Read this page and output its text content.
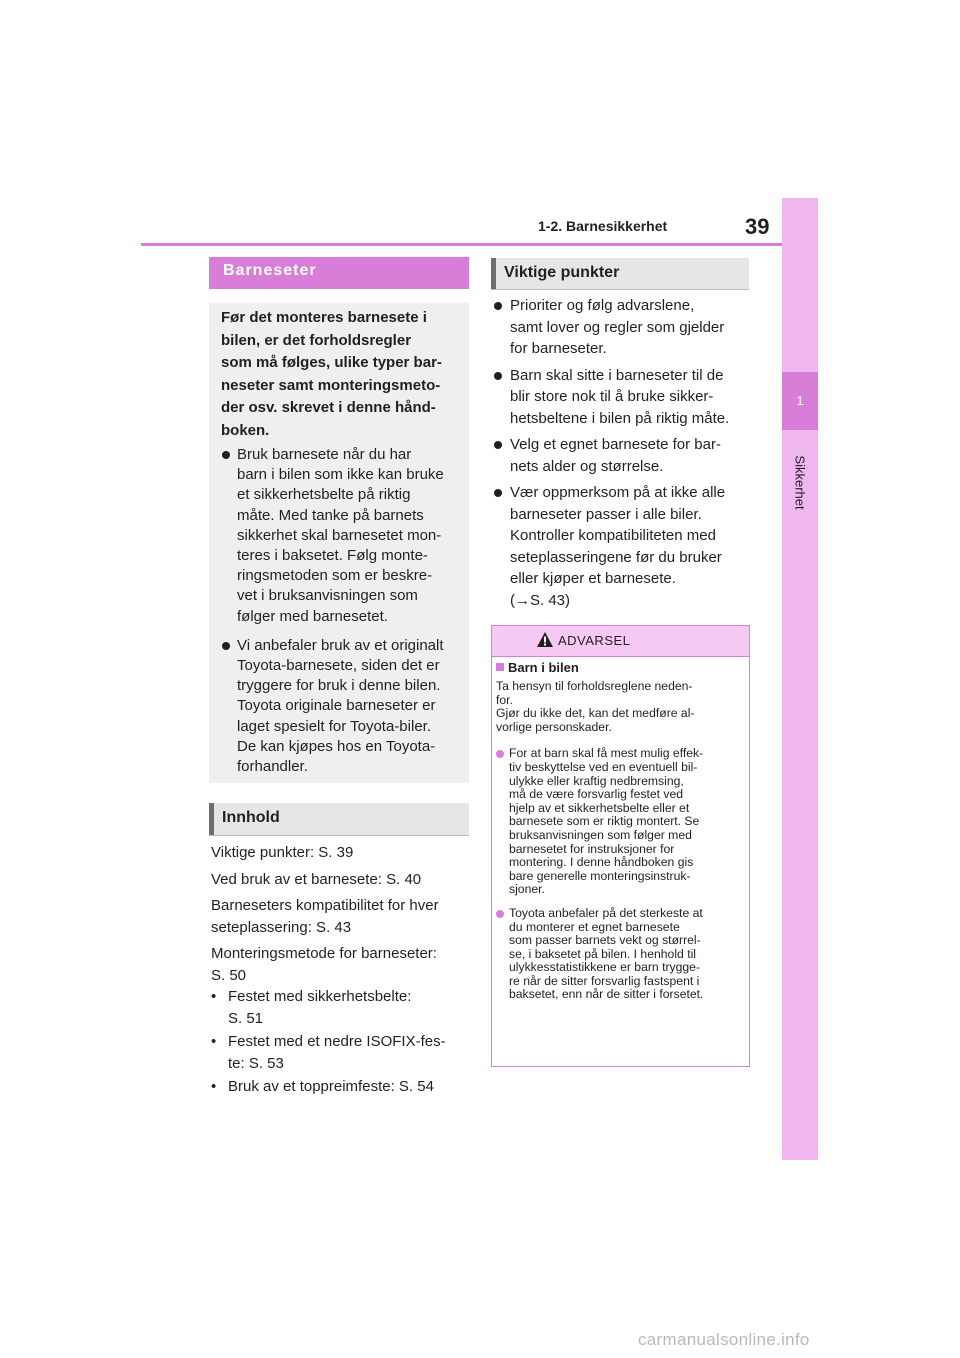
1-2. Barnesikkerhet	39
1
Sikkerhet
Barneseter
Før det monteres barnesete i
bilen, er det forholdsregler
som må følges, ulike typer bar-
neseter samt monteringsmeto-
der osv. skrevet i denne hånd-
boken.
Bruk barnesete når du har
barn i bilen som ikke kan bruke
et sikkerhetsbelte på riktig
måte. Med tanke på barnets
sikkerhet skal barnesetet mon-
teres i baksetet. Følg monte-
ringsmetoden som er beskre-
vet i bruksanvisningen som
følger med barnesetet.
Vi anbefaler bruk av et originalt
Toyota-barnesete, siden det er
tryggere for bruk i denne bilen.
Toyota originale barneseter er
laget spesielt for Toyota-biler.
De kan kjøpes hos en Toyota-
forhandler.
Innhold

Viktige punkter: S. 39

Ved bruk av et barnesete: S. 40

Barneseters kompatibilitet for hver
seteplassering: S. 43

Monteringsmetode for barneseter:
S. 50

• Festet med sikkerhetsbelte:
S. 51
• Festet med et nedre ISOFIX-fes-
te: S. 53
• Bruk av et toppreimfeste: S. 54
Viktige punkter
Prioriter og følg advarslene,
samt lover og regler som gjelder
for barneseter.
Barn skal sitte i barneseter til de
blir store nok til å bruke sikker-
hetsbeltene i bilen på riktig måte.
Velg et egnet barnesete for bar-
nets alder og størrelse.
Vær oppmerksom på at ikke alle
barneseter passer i alle biler.
Kontroller kompatibiliteten med
seteplasseringene før du bruker
eller kjøper et barnesete.
(→S. 43)
ADVARSEL

Barn i bilen

Ta hensyn til forholdsreglene neden-
for.
Gjør du ikke det, kan det medføre al-
vorlige personskader.

For at barn skal få mest mulig effek-
tiv beskyttelse ved en eventuell bil-
ulykke eller kraftig nedbremsing,
må de være forsvarlig festet ved
hjelp av et sikkerhetsbelte eller et
barnesete som er riktig montert. Se
bruksanvisningen som følger med
barnesetet for instruksjoner for
montering. I denne håndboken gis
bare generelle monteringsinstruk-
sjoner.
Toyota anbefaler på det sterkeste at
du monterer et egnet barnesete
som passer barnets vekt og størrel-
se, i baksetet på bilen. I henhold til
ulykkesstatistikkene er barn trygge-
re når de sitter forsvarlig fastspent i
baksetet, enn når de sitter i forsetet.
carmanualsonline.info
